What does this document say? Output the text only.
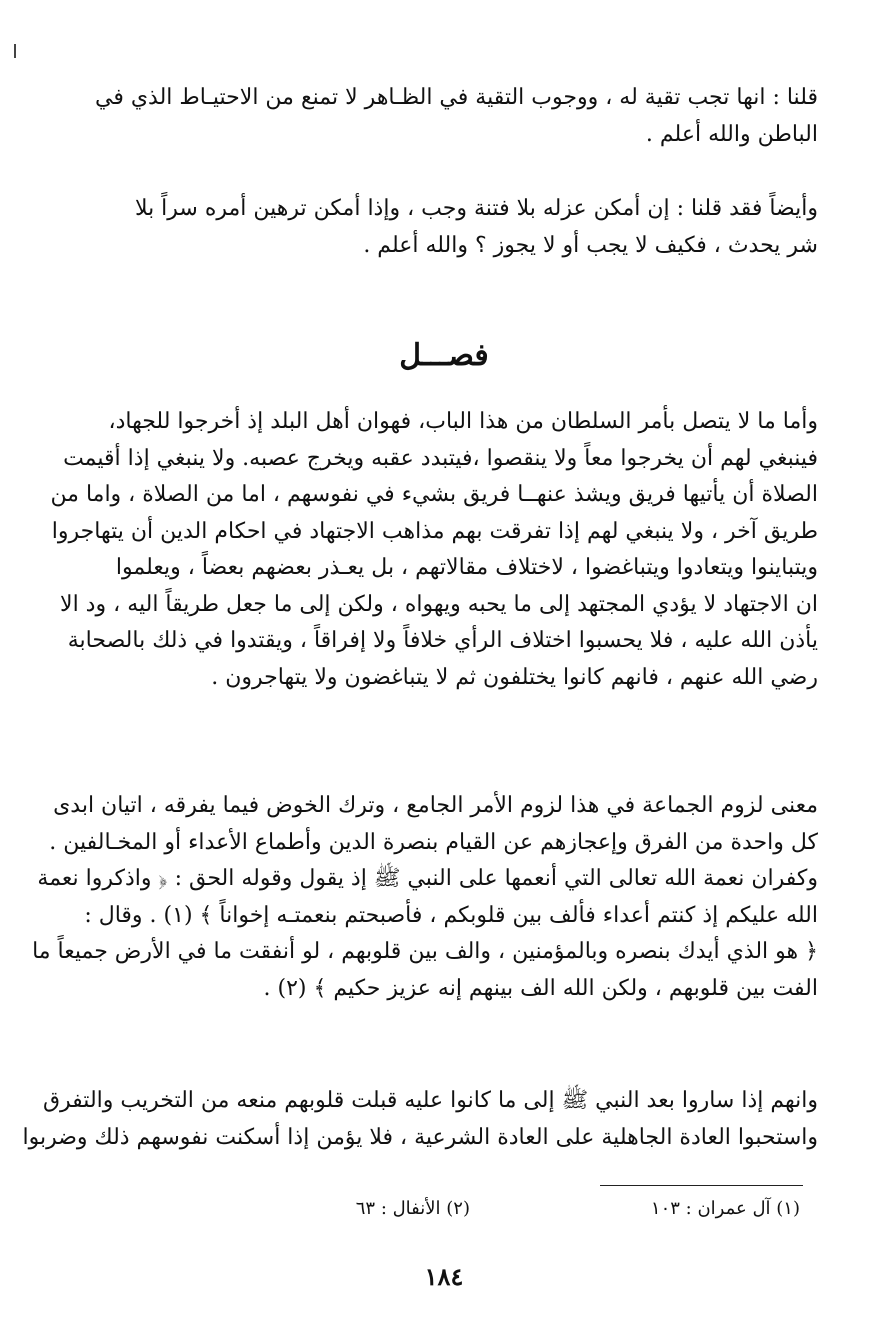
قلنا : انها تجب تقية له ، ووجوب التقية في الظـاهر لا تمنع من الاحتيـاط الذي في
الباطن والله أعلم .
وأيضاً فقد قلنا : إن أمكن عزله بلا فتنة وجب ، وإذا أمكن ترهين أمره سراً بلا
شر يحدث ، فكيف لا يجب أو لا يجوز ؟ والله أعلم .
فصـــل
وأما ما لا يتصل بأمر السلطان من هذا الباب، فهوان أهل البلد إذ أخرجوا للجهاد،
فينبغي لهم أن يخرجوا معاً ولا ينقصوا ،فيتبدد عقبه ويخرج عصبه. ولا ينبغي إذا أقيمت
الصلاة أن يأتيها فريق ويشذ عنهــا فريق بشيء في نفوسهم ، اما من الصلاة ، واما من
طريق آخر ، ولا ينبغي لهم إذا تفرقت بهم مذاهب الاجتهاد في احكام الدين أن يتهاجروا
ويتباينوا ويتعادوا ويتباغضوا ، لاختلاف مقالاتهم ، بل يعـذر بعضهم بعضاً ، ويعلموا
ان الاجتهاد لا يؤدي المجتهد إلى ما يحبه ويهواه ، ولكن إلى ما جعل طريقاً اليه ، ود الا
يأذن الله عليه ، فلا يحسبوا اختلاف الرأي خلافاً ولا إفراقاً ، ويقتدوا في ذلك بالصحابة
رضي الله عنهم ، فانهم كانوا يختلفون ثم لا يتباغضون ولا يتهاجرون .
معنى لزوم الجماعة في هذا لزوم الأمر الجامع ، وترك الخوض فيما يفرقه ، اتيان ابدى
كل واحدة من الفرق وإعجازهم عن القيام بنصرة الدين وأطماع الأعداء أو المخـالفين .
وكفران نعمة الله تعالى التي أنعمها على النبي ﷺ إذ يقول وقوله الحق : ﴿ واذكروا نعمة
الله عليكم إذ كنتم أعداء فألف بين قلوبكم ، فأصبحتم بنعمتـه إخواناً ﴾ (١) . وقال :
﴿ هو الذي أيدك بنصره وبالمؤمنين ، والف بين قلوبهم ، لو أنفقت ما في الأرض جميعاً ما
الفت بين قلوبهم ، ولكن الله الف بينهم إنه عزيز حكيم ﴾ (٢) .
وانهم إذا ساروا بعد النبي ﷺ إلى ما كانوا عليه قبلت قلوبهم منعه من التخريب والتفرق
واستحبوا العادة الجاهلية على العادة الشرعية ، فلا يؤمن إذا أسكنت نفوسهم ذلك وضربوا
(١) آل عمران : ١٠٣
(٢) الأنفال : ٦٣
١٨٤
